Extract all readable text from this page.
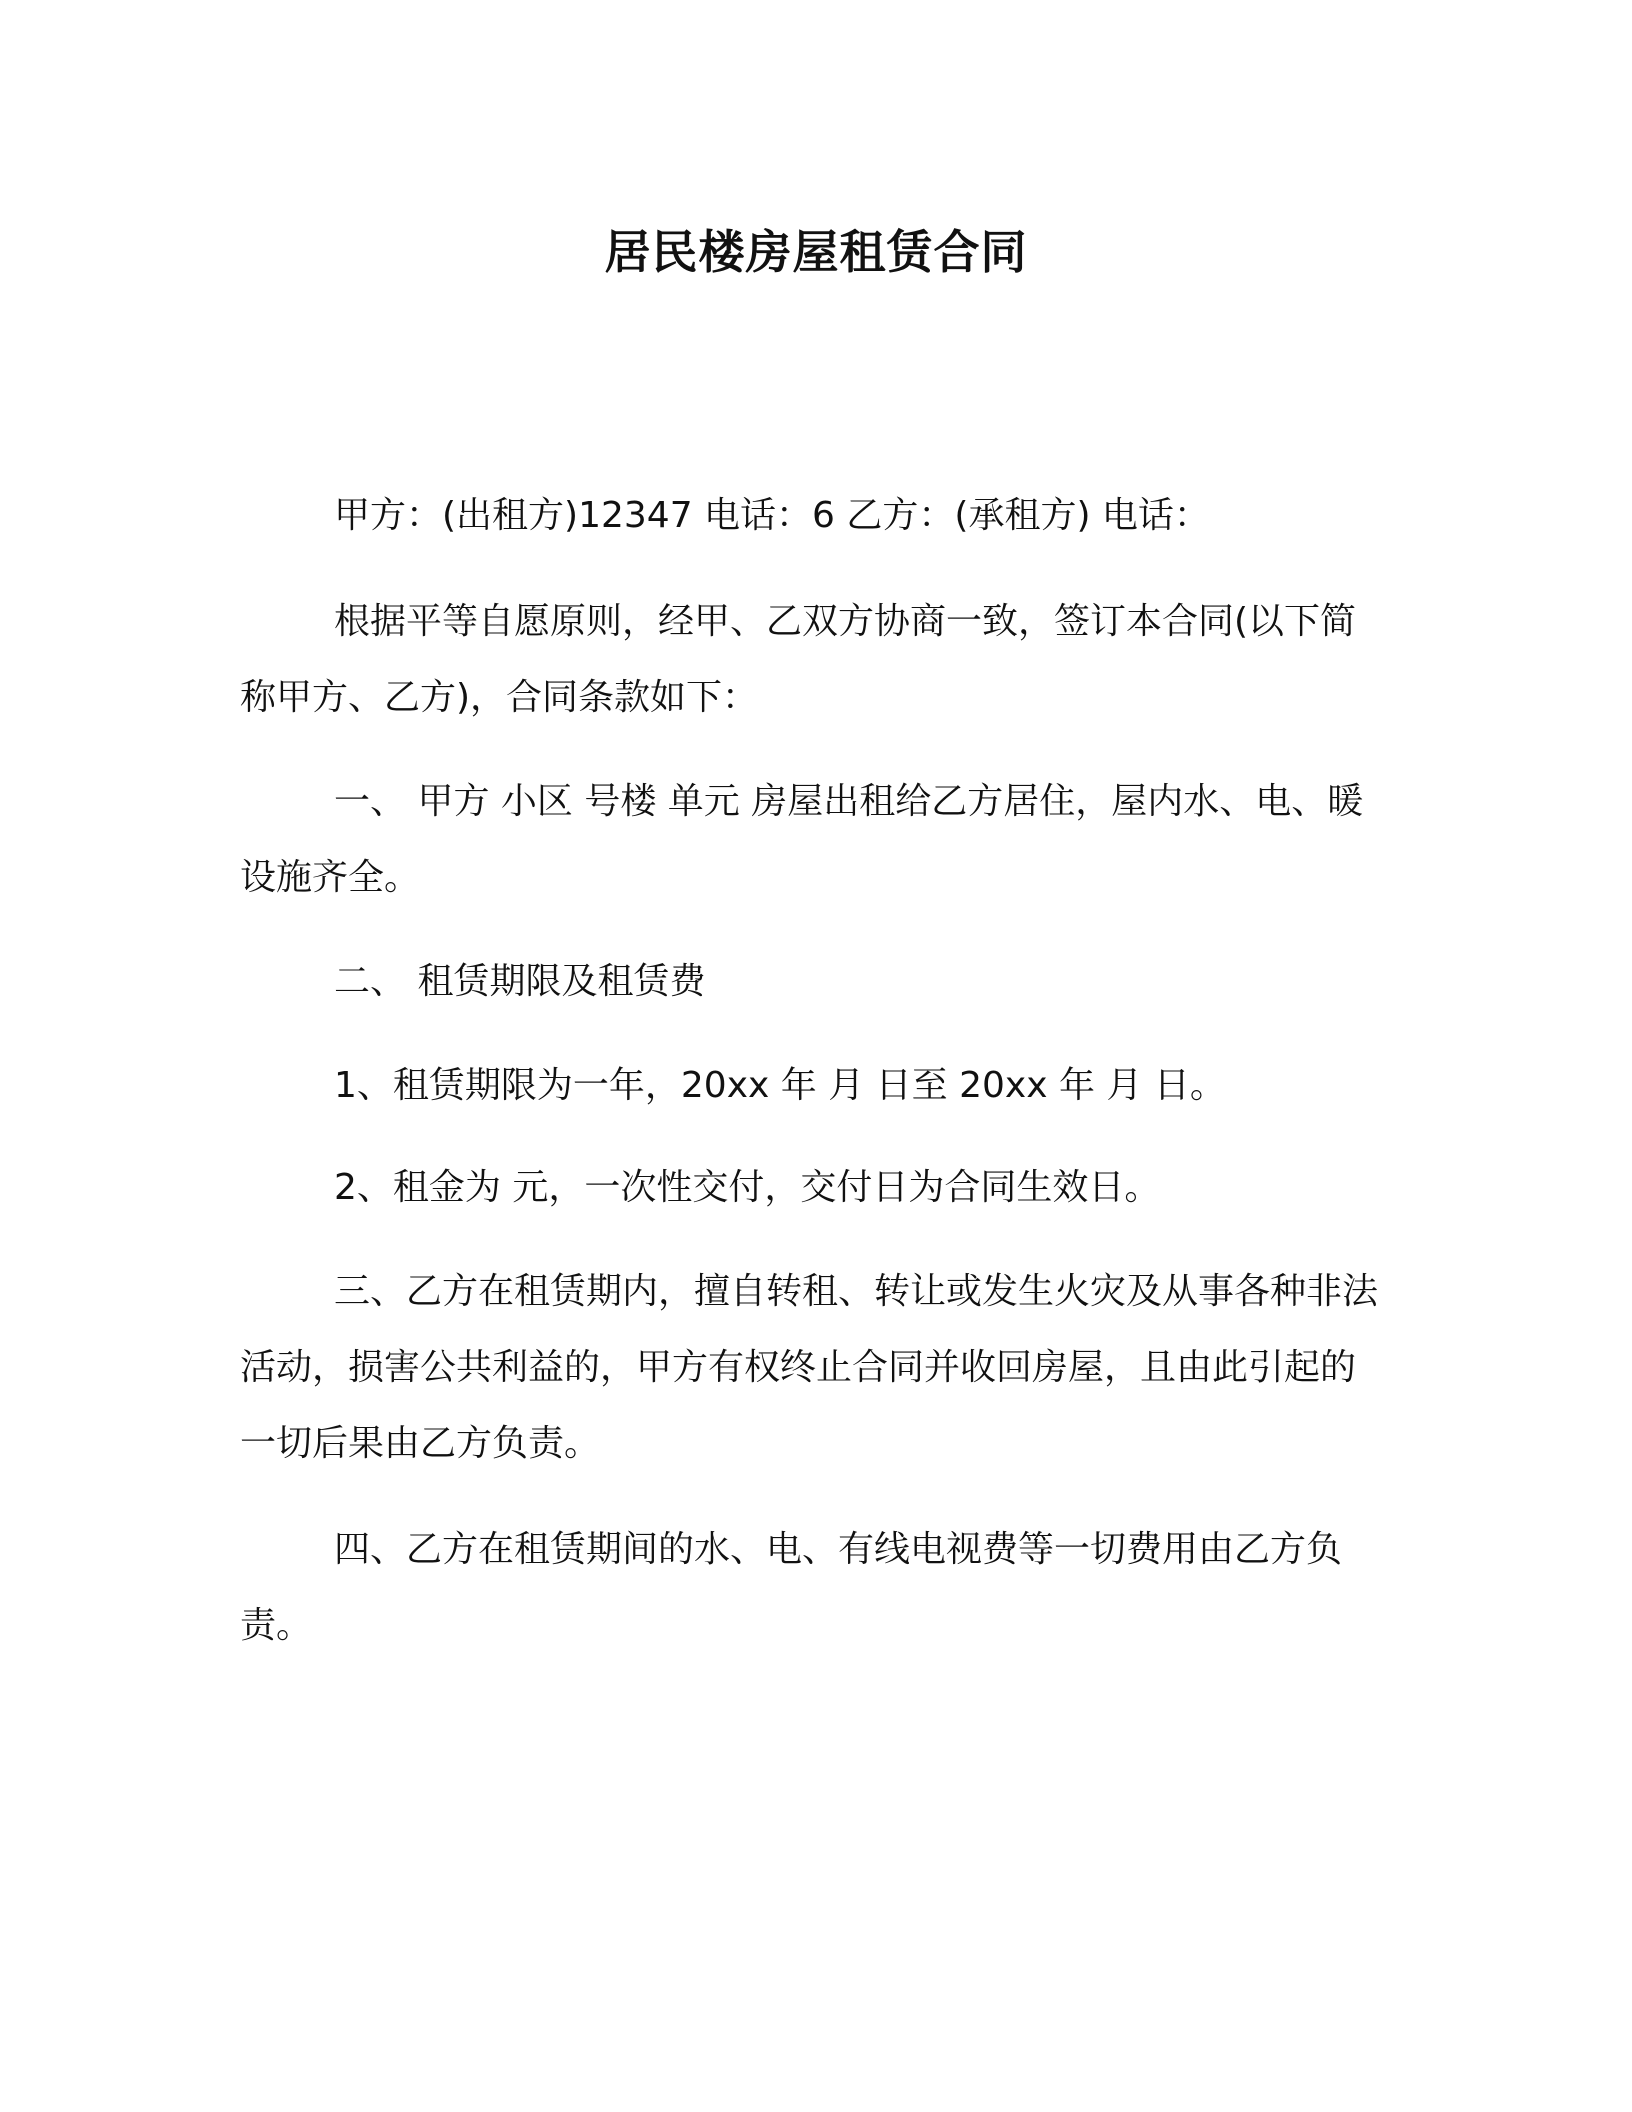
居民楼房屋租赁合同

甲方：(出租方)12347 电话：6 乙方：(承租方) 电话：

根据平等自愿原则，经甲、乙双方协商一致，签订本合同(以下简称甲方、乙方)，合同条款如下：

一、 甲方 小区 号楼 单元 房屋出租给乙方居住，屋内水、电、暖设施齐全。

二、 租赁期限及租赁费

1、租赁期限为一年，20xx 年 月 日至 20xx 年 月 日。

2、租金为 元，一次性交付，交付日为合同生效日。

三、乙方在租赁期内，擅自转租、转让或发生火灾及从事各种非法活动，损害公共利益的，甲方有权终止合同并收回房屋，且由此引起的一切后果由乙方负责。

四、乙方在租赁期间的水、电、有线电视费等一切费用由乙方负责。
